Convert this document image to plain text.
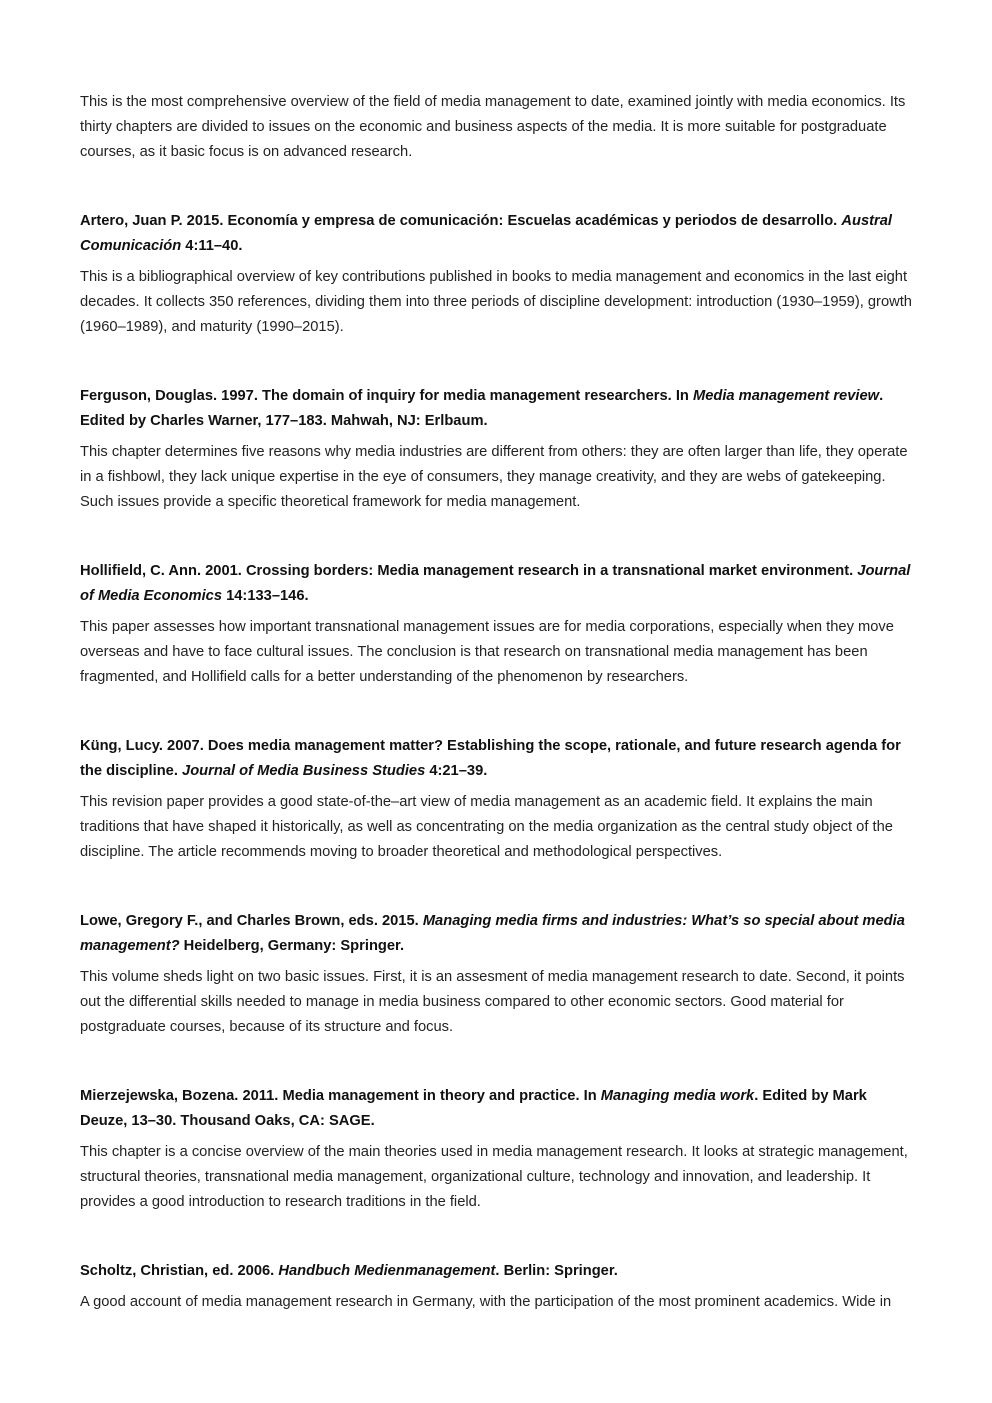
This is the most comprehensive overview of the field of media management to date, examined jointly with media economics. Its thirty chapters are divided to issues on the economic and business aspects of the media. It is more suitable for postgraduate courses, as it basic focus is on advanced research.

Artero, Juan P. 2015. Economía y empresa de comunicación: Escuelas académicas y periodos de desarrollo. Austral Comunicación 4:11–40.

This is a bibliographical overview of key contributions published in books to media management and economics in the last eight decades. It collects 350 references, dividing them into three periods of discipline development: introduction (1930–1959), growth (1960–1989), and maturity (1990–2015).

Ferguson, Douglas. 1997. The domain of inquiry for media management researchers. In Media management review. Edited by Charles Warner, 177–183. Mahwah, NJ: Erlbaum.

This chapter determines five reasons why media industries are different from others: they are often larger than life, they operate in a fishbowl, they lack unique expertise in the eye of consumers, they manage creativity, and they are webs of gatekeeping. Such issues provide a specific theoretical framework for media management.

Hollifield, C. Ann. 2001. Crossing borders: Media management research in a transnational market environment. Journal of Media Economics 14:133–146.

This paper assesses how important transnational management issues are for media corporations, especially when they move overseas and have to face cultural issues. The conclusion is that research on transnational media management has been fragmented, and Hollifield calls for a better understanding of the phenomenon by researchers.

Küng, Lucy. 2007. Does media management matter? Establishing the scope, rationale, and future research agenda for the discipline. Journal of Media Business Studies 4:21–39.

This revision paper provides a good state-of-the–art view of media management as an academic field. It explains the main traditions that have shaped it historically, as well as concentrating on the media organization as the central study object of the discipline. The article recommends moving to broader theoretical and methodological perspectives.

Lowe, Gregory F., and Charles Brown, eds. 2015. Managing media firms and industries: What’s so special about media management? Heidelberg, Germany: Springer.

This volume sheds light on two basic issues. First, it is an assesment of media management research to date. Second, it points out the differential skills needed to manage in media business compared to other economic sectors. Good material for postgraduate courses, because of its structure and focus.

Mierzejewska, Bozena. 2011. Media management in theory and practice. In Managing media work. Edited by Mark Deuze, 13–30. Thousand Oaks, CA: SAGE.

This chapter is a concise overview of the main theories used in media management research. It looks at strategic management, structural theories, transnational media management, organizational culture, technology and innovation, and leadership. It provides a good introduction to research traditions in the field.

Scholtz, Christian, ed. 2006. Handbuch Medienmanagement. Berlin: Springer.

A good account of media management research in Germany, with the participation of the most prominent academics. Wide in
